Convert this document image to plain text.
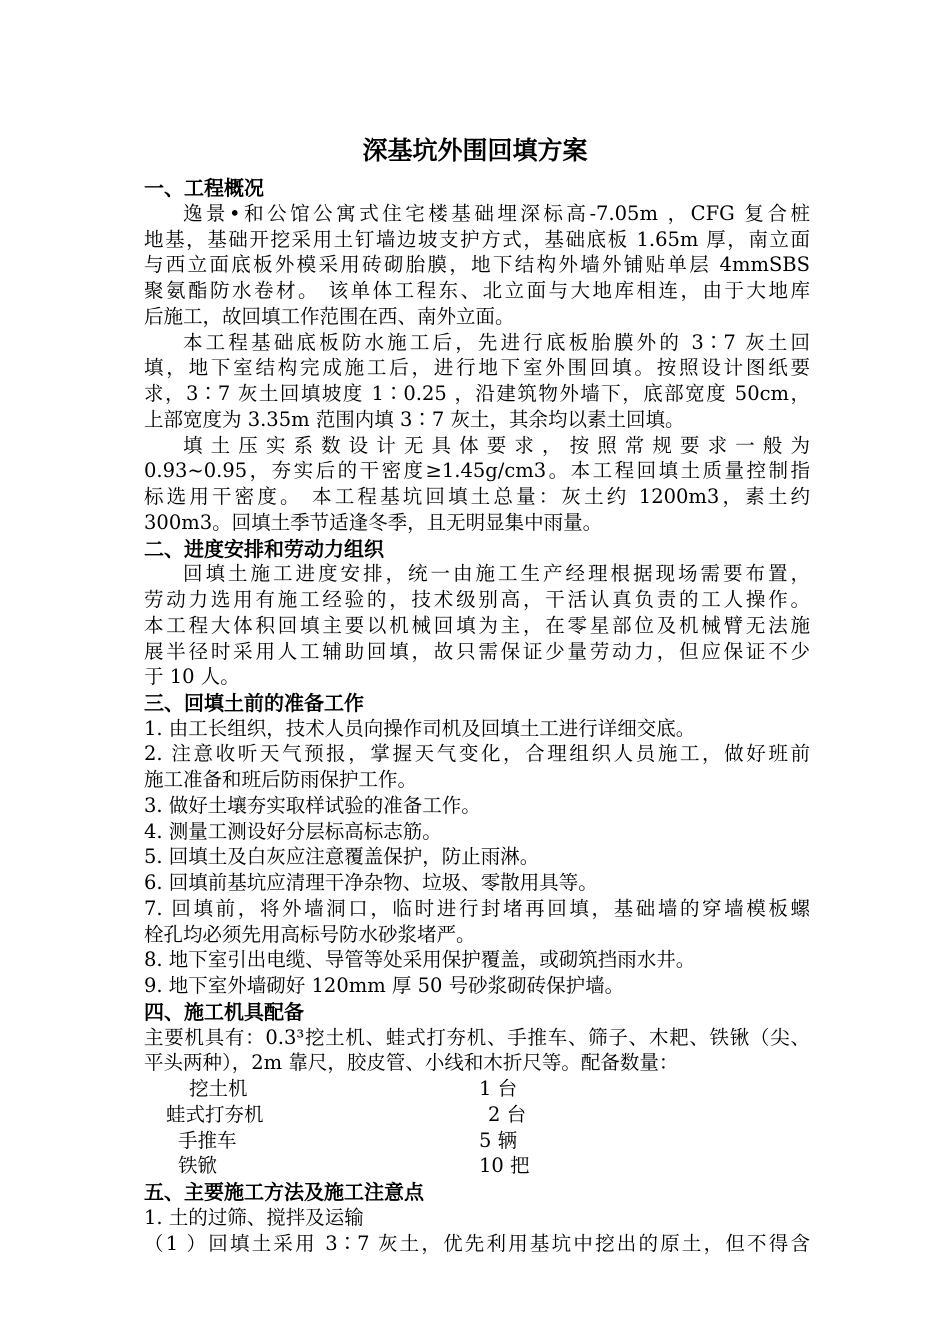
深基坑外围回填方案
一、工程概况
逸景•和公馆公寓式住宅楼基础埋深标高-7.05m ，CFG 复合桩
地基，基础开挖采用土钉墙边坡支护方式，基础底板 1.65m 厚，南立面
与西立面底板外模采用砖砌胎膜，地下结构外墙外铺贴单层 4mmSBS
聚氨酯防水卷材。 该单体工程东、北立面与大地库相连，由于大地库
后施工，故回填工作范围在西、南外立面。
本工程基础底板防水施工后，先进行底板胎膜外的 3∶7 灰土回
填，地下室结构完成施工后，进行地下室外围回填。按照设计图纸要
求，3∶7 灰土回填坡度 1∶0.25 ，沿建筑物外墙下，底部宽度 50cm，
上部宽度为 3.35m 范围内填 3∶7 灰土，其余均以素土回填。
填土压实系数设计无具体要求，按照常规要求一般为
0.93~0.95，夯实后的干密度≥1.45g/cm3。本工程回填土质量控制指
标选用干密度。 本工程基坑回填土总量：灰土约 1200m3，素土约
300m3。回填土季节适逢冬季，且无明显集中雨量。
二、进度安排和劳动力组织
回填土施工进度安排，统一由施工生产经理根据现场需要布置，
劳动力选用有施工经验的，技术级别高，干活认真负责的工人操作。
本工程大体积回填主要以机械回填为主，在零星部位及机械臂无法施
展半径时采用人工辅助回填，故只需保证少量劳动力，但应保证不少
于 10 人。
三、回填土前的准备工作
1. 由工长组织，技术人员向操作司机及回填土工进行详细交底。
2. 注意收听天气预报，掌握天气变化，合理组织人员施工，做好班前
施工准备和班后防雨保护工作。
3. 做好土壤夯实取样试验的准备工作。
4. 测量工测设好分层标高标志筋。
5. 回填土及白灰应注意覆盖保护，防止雨淋。
6. 回填前基坑应清理干净杂物、垃圾、零散用具等。
7. 回填前，将外墙洞口，临时进行封堵再回填，基础墙的穿墙模板螺
栓孔均必须先用高标号防水砂浆堵严。
8. 地下室引出电缆、导管等处采用保护覆盖，或砌筑挡雨水井。
9. 地下室外墙砌好 120mm 厚 50 号砂浆砌砖保护墙。
四、施工机具配备
主要机具有：0.3³挖土机、蛙式打夯机、手推车、筛子、木耙、铁锹（尖、
平头两种），2m 靠尺，胶皮管、小线和木折尺等。配备数量：
挖土机	1 台
蛙式打夯机	2 台
手推车	5 辆
铁锨	10 把
五、主要施工方法及施工注意点
1. 土的过筛、搅拌及运输
（1 ）回填土采用 3∶7 灰土，优先利用基坑中挖出的原土，但不得含
